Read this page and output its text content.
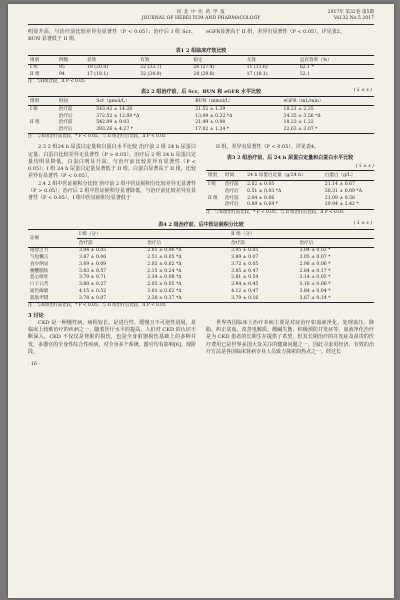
河 北 中 医 药 学 报
JOURNAL OF HEBEI TCM AND PHARMACOLOGY
2017年 第32卷 第5期
Vol.32 No.5 2017
明显升高，与治疗前比较差异有显著性（P < 0.05）；治疗后 I 组 Scr、BUN 显著低于 II 组，
eGFR显著高于 II 组，差异有显著性（P < 0.05）。详见表2。
表1 2 组临床疗效比较
组别	例数	显效	有效	稳定	无效	总有效率（%）
I 组	95	19 (20.0)	32 (33.7)	26 (27.4)	11 (11.6)	62.1 *
II 组	94	17 (18.1)	32 (34.0)	28 (29.8)	17 (18.1)	52.1
注：与II组比较，Δ P < 0.05
表2 2 组治疗前、后 Scr、BUN 和 eGFR 水平比较	( x̄ ± s )
组别	时间	Scr（μmol/L）	BUN（mmol/L）	eGFR（mL/min）
I 组	治疗前	543.43 ± 14.28	21.52 ± 1.39	18.21 ± 2.35
	治疗后	372.52 ± 12.09 *Δ	13.09 ± 0.32 *Δ	34.35 ± 3.56 *Δ
II 组	治疗前	542.89 ± 9.03	21.49 ± 0.98	18.23 ± 1.22
	治疗后	393.26 ± 4.27 *	17.02 ± 1.24 *	22.63 ± 3.07 *
注：与本组治疗前比较，* P < 0.05；与 II 组治疗后比较，Δ P < 0.05

2.3 2 组24 h 尿蛋白定量和白蛋白水平比较 治疗前 2 组 24 h 尿蛋白定量、白蛋白比较差异无显著性（P > 0.05），治疗后 2 组 24 h 尿蛋白定量均明显降低，白蛋白明显升高，与治疗前比较差异有显著性（P < 0.05）；I 组 24 h 尿蛋白定量显著低于 II 组，白蛋白显著高于 II 组，比较差异有显著性（P < 0.05）。

2.4 2 组中医证候积分比较 治疗前 2 组中医证候积分比较差异无显著性（P > 0.05）；治疗后 2 组中医证候积分显著降低，与治疗前比较差异有显著性（P < 0.05），I 组中医证候积分显著低于

II 组，差异有显著性（P < 0.05）。详见表4。

表3 2 组治疗前、后 24 h 尿蛋白定量和白蛋白水平比较
( x̄ ± s )
组别	时间	24 h 尿蛋白定量（g/24 h）	白蛋白（g/L）
I 组	治疗前	2.02 ± 0.05	21.14 ± 0.67
	治疗后	0.51 ± 0.03 *Δ	38.31 ± 0.09 *Δ
II 组	治疗前	2.04 ± 0.06	21.09 ± 0.58
	治疗后	0.89 ± 0.04 *	29.94 ± 2.42 *
注：与本组治疗前比较，* P < 0.05；与 II 组治疗后比较，Δ P < 0.05
表4 2 组治疗前、后中医证候积分比较	( x̄ ± s )
证候	I 组（分）		II 组（分）	
	治疗前	治疗后	治疗前	治疗后
倦怠乏力	3.94 ± 0.05	2.01 ± 0.06 *Δ	3.95 ± 0.05	3.04 ± 0.03 *
气短懒言	3.87 ± 0.06	2.51 ± 0.05 *Δ	3.89 ± 0.07	3.05 ± 0.07 *
食少纳呆	3.69 ± 0.09	2.03 ± 0.02 *Δ	3.72 ± 0.05	2.98 ± 0.06 *
腰酸腿软	3.83 ± 0.57	2.15 ± 0.24 *Δ	3.85 ± 0.47	2.84 ± 0.17 *
恶心呕吐	3.79 ± 0.71	2.34 ± 0.08 *Δ	3.81 ± 0.54	3.14 ± 0.05 *
口干口苦	3.80 ± 0.27	2.05 ± 0.05 *Δ	3.84 ± 0.45	3.18 ± 0.06 *
面色晦暗	4.15 ± 0.52	3.01 ± 0.62 *Δ	4.12 ± 0.47	3.84 ± 0.04 *
肌肤甲错	3.78 ± 0.07	2.38 ± 0.37 *Δ	3.79 ± 0.16	3.67 ± 0.14 *
注：与本组治疗前比较，* P < 0.05；与 II 组治疗后比较，Δ P < 0.05
3 讨论

CKD 是一种慢性病，病程较长，是进行性、缓慢且不可逆性进展，是临床上较难治疗的疾病之一，随着医疗水平的提高，人们对 CKD 的认识不断深入，CKD 不仅仅是肾脏的损伤，也是全身脏器损伤基础上的多种并发，多器官的全身性综合性疾病，对全身多个系统、器官均有影响[6]。现阶段，

世界各国临床上治疗本病主要是对症治疗如血液净化、处理血压、降脂、纠正贫血、改善电解质、酸碱失衡、积极预防并发症等，血液净化治疗是为 CKD 患者的长期生存提供了希望，但其长期治疗的并发症及昂贵的医疗费用已是世界多国大众关注的健康问题之一，因此寻求更经济、有效的治疗方法是各国临床肾病专业人员致力探索的热点之一。经过长

· 16 ·
